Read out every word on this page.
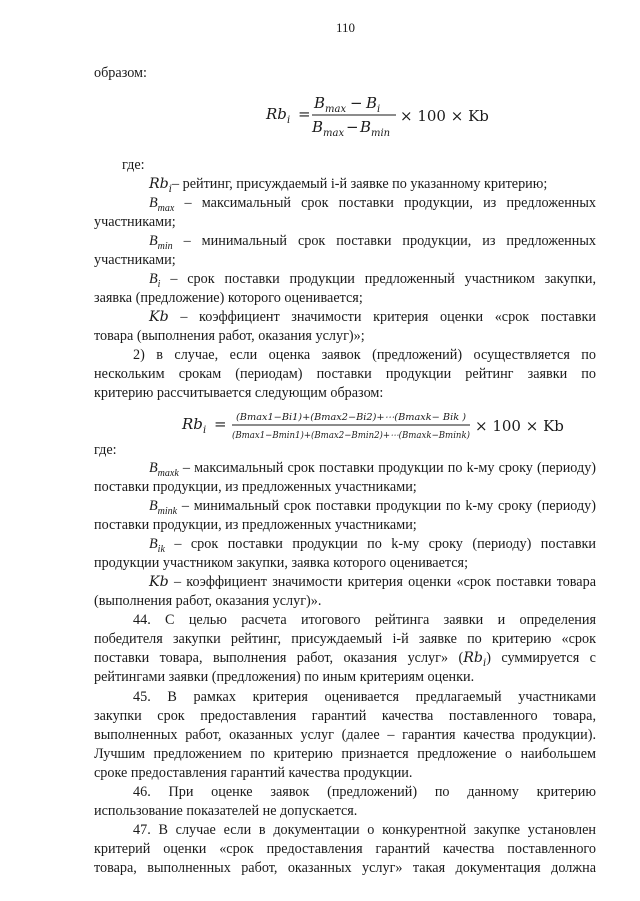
110
образом:
Rb i =
B max − B i
B max − B min
× 100 × Kb
где:
$Rb_i-$ рейтинг, присуждаемый i-й заявке по указанному критерию;
$B_{max}$ – максимальный срок поставки продукции, из предложенных
участниками;
$B_{min}$ – минимальный срок поставки продукции, из предложенных
участниками;
$B_i$ – срок поставки продукции предложенный участником закупки,
заявка (предложение) которого оценивается;
Kb – коэффициент значимости критерия оценки «срок поставки
товара (выполнения работ, оказания услуг)»;
2) в случае, если оценка заявок (предложений) осуществляется по
нескольким срокам (периодам) поставки продукции рейтинг заявки по
критерию рассчитывается следующим образом:
Rb i = (Bmax1−Bi1)+(Bmax2−Bi2)+⋯(Bmaxk− Bik )
(Bmax1−Bmin1)+(Bmax2−Bmin2)+⋯(Bmaxk−Bmink)
× 100 × Kb
где:
$B_{maxk}$ – максимальный срок поставки продукции по k-му сроку (периоду)
поставки продукции, из предложенных участниками;
$B_{mink}$ – минимальный срок поставки продукции по k-му сроку (периоду)
поставки продукции, из предложенных участниками;
$B_{ik}$ – срок поставки продукции по k-му сроку (периоду) поставки
продукции участником закупки, заявка которого оценивается;
Kb – коэффициент значимости критерия оценки «срок поставки товара
(выполнения работ, оказания услуг)».
44. С целью расчета итогового рейтинга заявки и определения
победителя закупки рейтинг, присуждаемый i-й заявке по критерию «срок
поставки товара, выполнения работ, оказания услуг» $(Rb_i)$ суммируется с
рейтингами заявки (предложения) по иным критериям оценки.
45. В рамках критерия оценивается предлагаемый участниками
закупки срок предоставления гарантий качества поставленного товара,
выполненных работ, оказанных услуг (далее – гарантия качества продукции).
Лучшим предложением по критерию признается предложение о наибольшем
сроке предоставления гарантий качества продукции.
46. При оценке заявок (предложений) по данному критерию
использование показателей не допускается.
47. В случае если в документации о конкурентной закупке установлен
критерий оценки «срок предоставления гарантий качества поставленного
товара, выполненных работ, оказанных услуг» такая документация должна
